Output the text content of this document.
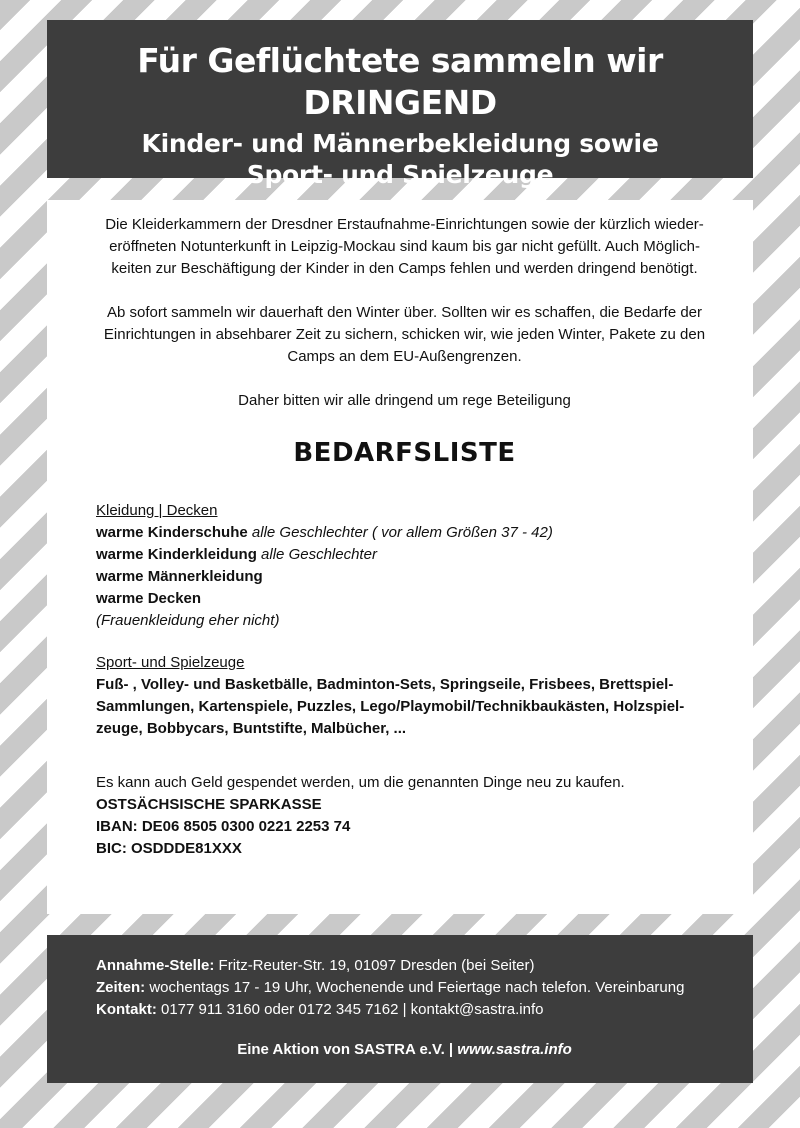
Für Geflüchtete sammeln wir DRINGEND
Kinder- und Männerbekleidung sowie
Sport- und Spielzeuge

Die Kleiderkammern der Dresdner Erstaufnahme-Einrichtungen sowie der kürzlich wieder-eröffneten Notunterkunft in Leipzig-Mockau sind kaum bis gar nicht gefüllt. Auch Möglich-keiten zur Beschäftigung der Kinder in den Camps fehlen und werden dringend benötigt.

Ab sofort sammeln wir dauerhaft den Winter über. Sollten wir es schaffen, die Bedarfe der Einrichtungen in absehbarer Zeit zu sichern, schicken wir, wie jeden Winter, Pakete zu den Camps an dem EU-Außengrenzen.

Daher bitten wir alle dringend um rege Beteiligung

BEDARFSLISTE
Kleidung | Decken
warme Kinderschuhe alle Geschlechter ( vor allem Größen 37 - 42)
warme Kinderkleidung alle Geschlechter
warme Männerkleidung
warme Decken
(Frauenkleidung eher nicht)
Sport- und Spielzeuge
Fuß- , Volley- und Basketbälle, Badminton-Sets, Springseile, Frisbees, Brettspiel-Sammlungen, Kartenspiele, Puzzles, Lego/Playmobil/Technikbaukästen, Holzspiel-zeuge, Bobbycars, Buntstifte, Malbücher, ...
Es kann auch Geld gespendet werden, um die genannten Dinge neu zu kaufen.
OSTSÄCHSISCHE SPARKASSE
IBAN: DE06 8505 0300 0221 2253 74
BIC: OSDDDE81XXX
Annahme-Stelle: Fritz-Reuter-Str. 19, 01097 Dresden (bei Seiter)
Zeiten: wochentags 17 - 19 Uhr, Wochenende und Feiertage nach telefon. Vereinbarung
Kontakt: 0177 911 3160 oder 0172 345 7162 | kontakt@sastra.info
Eine Aktion von SASTRA e.V. | www.sastra.info
